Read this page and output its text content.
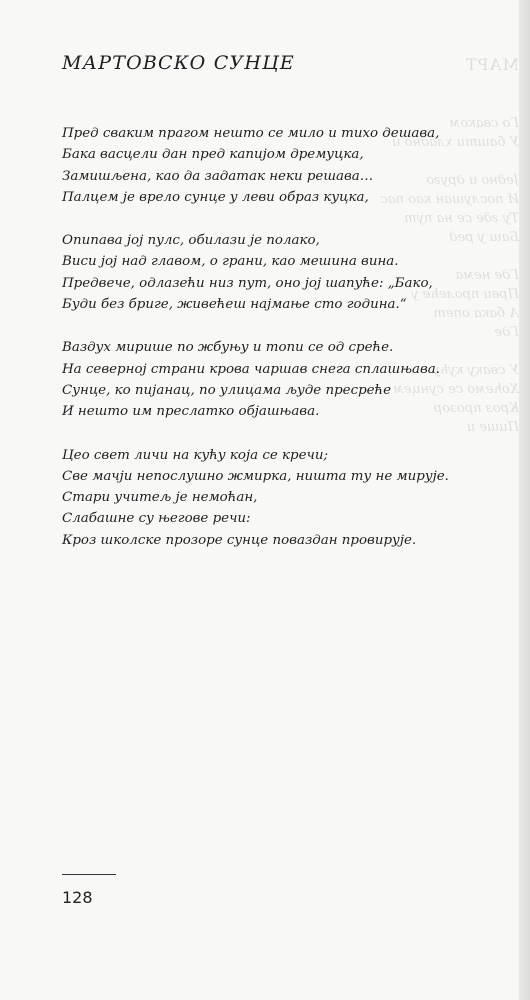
МАРТ
Го сваком
У башти хладно и
Једно и друго
И послушан као пас
Ту где се на пут
Баш у ред
Где нема
Први пролеће у
А бака опет
Где
У сваку кућу
Хоћемо се сунцем
Кроз прозор
Пише и
МАРТОВСКО СУНЦЕ
Пред сваким прагом нешто се мило и тихо дешава,
Бака васцели дан пред капијом дремуцка,
Замишљена, као да задатак неки решава…
Палцем је врело сунце у леви образ куцка,
Опипава јој пулс, обилази је полако,
Виси јој над главом, о грани, као мешина вина.
Предвече, одлазећи низ пут, оно јој шапуће: „Бако,
Буди без бриге, живећеш најмање сто година.“
Ваздух мирише по жбуњу и топи се од среће.
На северној страни крова чаршав снега сплашњава.
Сунце, ко пијанац, по улицама људе пресреће
И нешто им преслатко објашњава.
Цео свет личи на кућу која се кречи;
Све мачји непослушно жмирка, ништа ту не мирује.
Стари учитељ је немоћан,
Слабашне су његове речи:
Кроз школске прозоре сунце поваздан провирује.
128
